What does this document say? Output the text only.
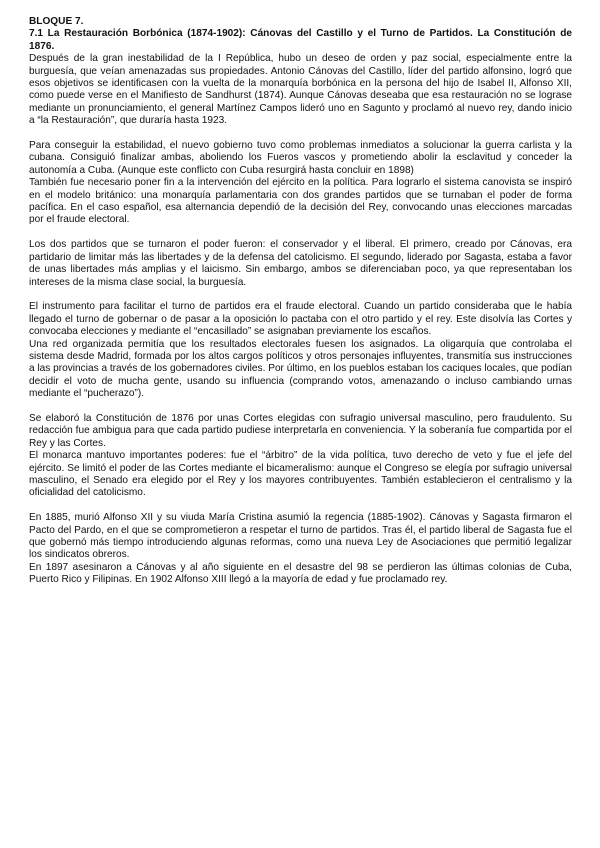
BLOQUE 7.
7.1 La Restauración Borbónica (1874-1902): Cánovas del Castillo y el Turno de Partidos. La Constitución de 1876.

Después de la gran inestabilidad de la I República, hubo un deseo de orden y paz social, especialmente entre la burguesía, que veían amenazadas sus propiedades. Antonio Cánovas del Castillo, líder del partido alfonsino, logró que esos objetivos se identificasen con la vuelta de la monarquía borbónica en la persona del hijo de Isabel II, Alfonso XII, como puede verse en el Manifiesto de Sandhurst (1874). Aunque Cánovas deseaba que esa restauración no se lograse mediante un pronunciamiento, el general Martínez Campos lideró uno en Sagunto y proclamó al nuevo rey, dando inicio a “la Restauración”, que duraría hasta 1923.

Para conseguir la estabilidad, el nuevo gobierno tuvo como problemas inmediatos a solucionar la guerra carlista y la cubana. Consiguió finalizar ambas, aboliendo los Fueros vascos y prometiendo abolir la esclavitud y conceder la autonomía a Cuba. (Aunque este conflicto con Cuba resurgirá hasta concluir en 1898)

También fue necesario poner fin a la intervención del ejército en la política. Para lograrlo el sistema canovista se inspiró en el modelo británico: una monarquía parlamentaria con dos grandes partidos que se turnaban el poder de forma pacífica. En el caso español, esa alternancia dependió de la decisión del Rey, convocando unas elecciones marcadas por el fraude electoral.

Los dos partidos que se turnaron el poder fueron: el conservador y el liberal. El primero, creado por Cánovas, era partidario de limitar más las libertades y de la defensa del catolicismo. El segundo, liderado por Sagasta, estaba a favor de unas libertades más amplias y el laicismo. Sin embargo, ambos se diferenciaban poco, ya que representaban los intereses de la misma clase social, la burguesía.

El instrumento para facilitar el turno de partidos era el fraude electoral. Cuando un partido consideraba que le había llegado el turno de gobernar o de pasar a la oposición lo pactaba con el otro partido y el rey. Este disolvía las Cortes y convocaba elecciones y mediante el “encasillado” se asignaban previamente los escaños.

Una red organizada permitía que los resultados electorales fuesen los asignados. La oligarquía que controlaba el sistema desde Madrid, formada por los altos cargos políticos y otros personajes influyentes, transmitía sus instrucciones a las provincias a través de los gobernadores civiles. Por último, en los pueblos estaban los caciques locales, que podían decidir el voto de mucha gente, usando su influencia (comprando votos, amenazando o incluso cambiando urnas mediante el “pucherazo”).

Se elaboró la Constitución de 1876 por unas Cortes elegidas con sufragio universal masculino, pero fraudulento. Su redacción fue ambigua para que cada partido pudiese interpretarla en conveniencia. Y la soberanía fue compartida por el Rey y las Cortes.

El monarca mantuvo importantes poderes: fue el “árbitro” de la vida política, tuvo derecho de veto y fue el jefe del ejército. Se limitó el poder de las Cortes mediante el bicameralismo: aunque el Congreso se elegía por sufragio universal masculino, el Senado era elegido por el Rey y los mayores contribuyentes. También establecieron el centralismo y la oficialidad del catolicismo.

En 1885, murió Alfonso XII y su viuda María Cristina asumió la regencia (1885-1902). Cánovas y Sagasta firmaron el Pacto del Pardo, en el que se comprometieron a respetar el turno de partidos. Tras él, el partido liberal de Sagasta fue el que gobernó más tiempo introduciendo algunas reformas, como una nueva Ley de Asociaciones que permitió legalizar los sindicatos obreros.

En 1897 asesinaron a Cánovas y al año siguiente en el desastre del 98 se perdieron las últimas colonias de Cuba, Puerto Rico y Filipinas. En 1902 Alfonso XIII llegó a la mayoría de edad y fue proclamado rey.
